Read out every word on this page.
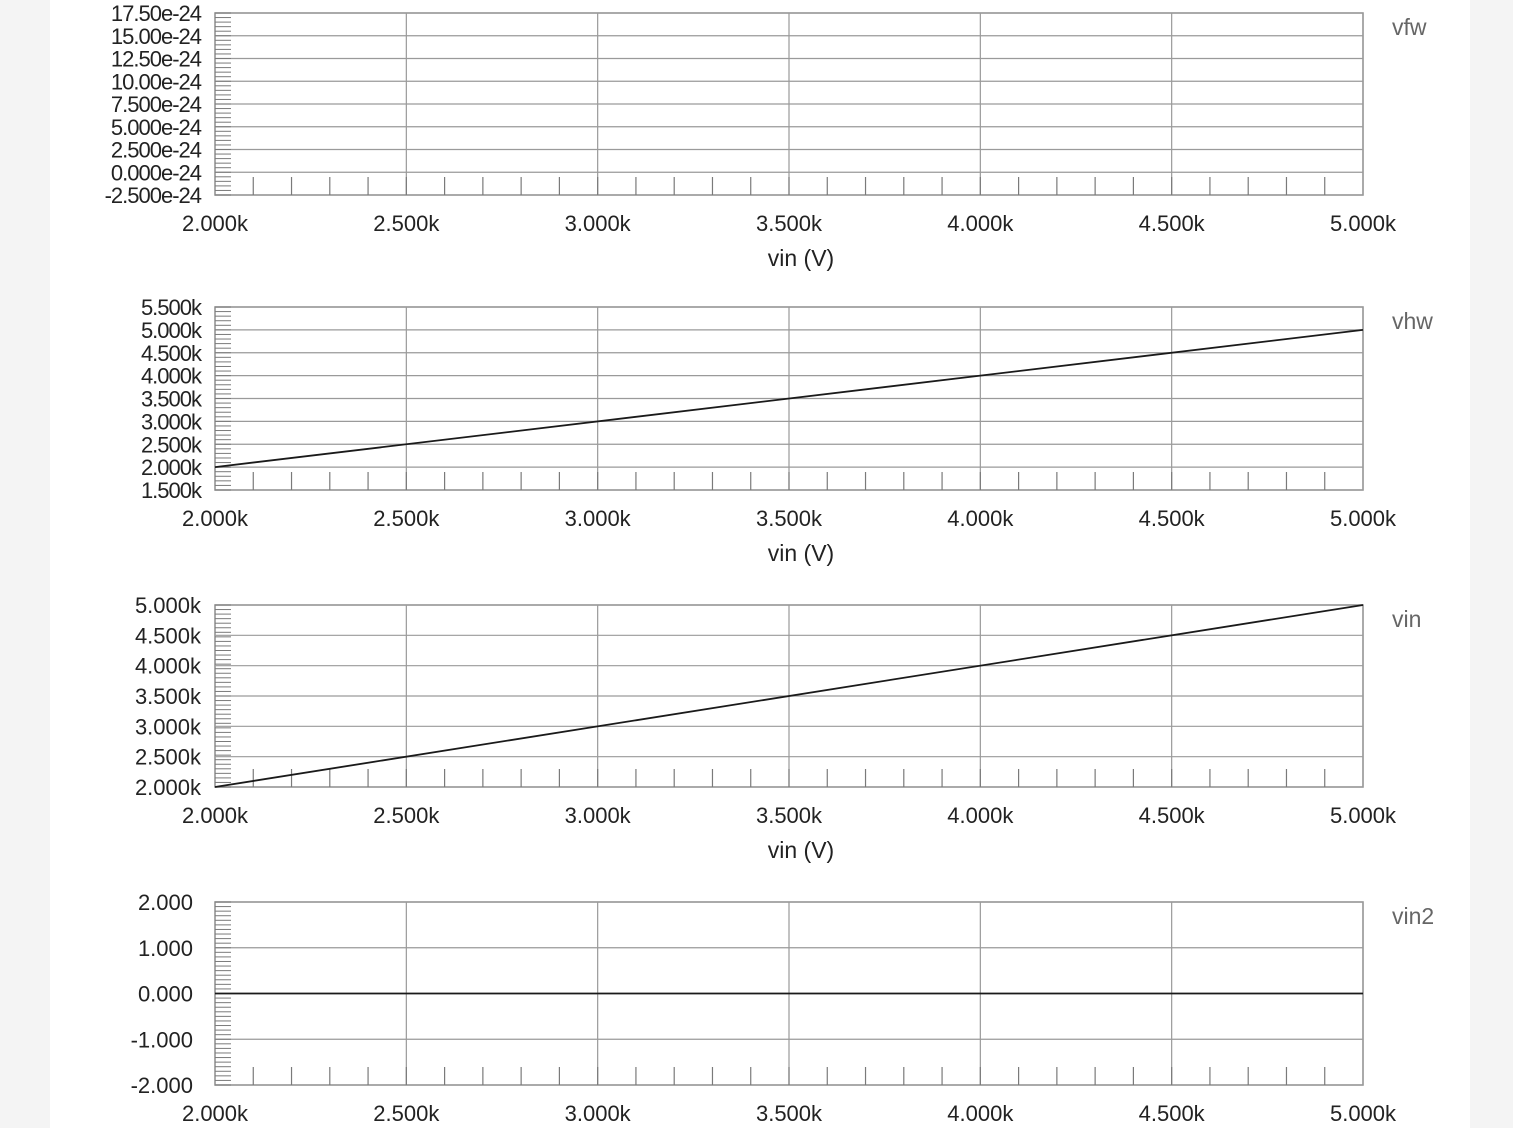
17.50e-24
15.00e-24
12.50e-24
10.00e-24
7.500e-24
5.000e-24
2.500e-24
0.000e-24
-2.500e-24
2.000k	2.500k	3.000k	3.500k	4.000k	4.500k	5.000k
vin (V)
vfw
5.500k
5.000k
4.500k
4.000k
3.500k
3.000k
2.500k
2.000k
1.500k
2.000k	2.500k	3.000k	3.500k	4.000k	4.500k	5.000k
vin (V)
vhw
5.000k
4.500k
4.000k
3.500k
3.000k
2.500k
2.000k
2.000k	2.500k	3.000k	3.500k	4.000k	4.500k	5.000k
vin (V)
vin
2.000
1.000
0.000
-1.000
-2.000
2.000k	2.500k	3.000k	3.500k	4.000k	4.500k	5.000k
vin2
